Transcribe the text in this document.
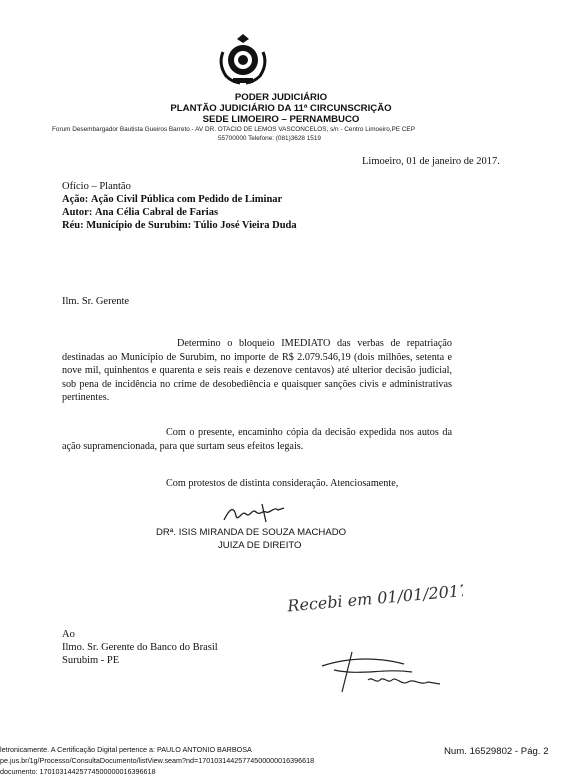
PODER JUDICIÁRIO
PLANTÃO JUDICIÁRIO DA 11ª CIRCUNSCRIÇÃO
SEDE LIMOEIRO – PERNAMBUCO
Forum Desembargador Bautista Gueiros Barreto - AV DR. OTACIO DE LEMOS VASCONCELOS, s/n - Centro Limoeiro,PE CEP
55700000 Telefone: (081)3628 1519
Limoeiro, 01 de janeiro de 2017.
Ofício – Plantão
Ação: Ação Civil Pública com Pedido de Liminar
Autor: Ana Célia Cabral de Farias
Réu: Município de Surubim: Túlio José Vieira Duda
Ilm. Sr. Gerente
Determino o bloqueio IMEDIATO das verbas de repatriação destinadas ao Município de Surubim, no importe de R$ 2.079.546,19 (dois milhões, setenta e nove mil, quinhentos e quarenta e seis reais e dezenove centavos) até ulterior decisão judicial, sob pena de incidência no crime de desobediência e quaisquer sanções civis e administrativas pertinentes.
Com o presente, encaminho cópia da decisão expedida nos autos da ação supramencionada, para que surtam seus efeitos legais.
Com protestos de distinta consideração. Atenciosamente,
DRª. ISIS MIRANDA DE SOUZA MACHADO
JUIZA DE DIREITO
Recebi em 01/01/2017
Ao
Ilmo. Sr. Gerente do Banco do Brasil
Surubim - PE
letronicamente. A Certificação Digital pertence a: PAULO ANTONIO BARBOSA
pe.jus.br/1g/Processo/ConsultaDocumento/listView.seam?nd=17010314425774500000016396618
documento: 17010314425774500000016396618
Num. 16529802 - Pág. 2
